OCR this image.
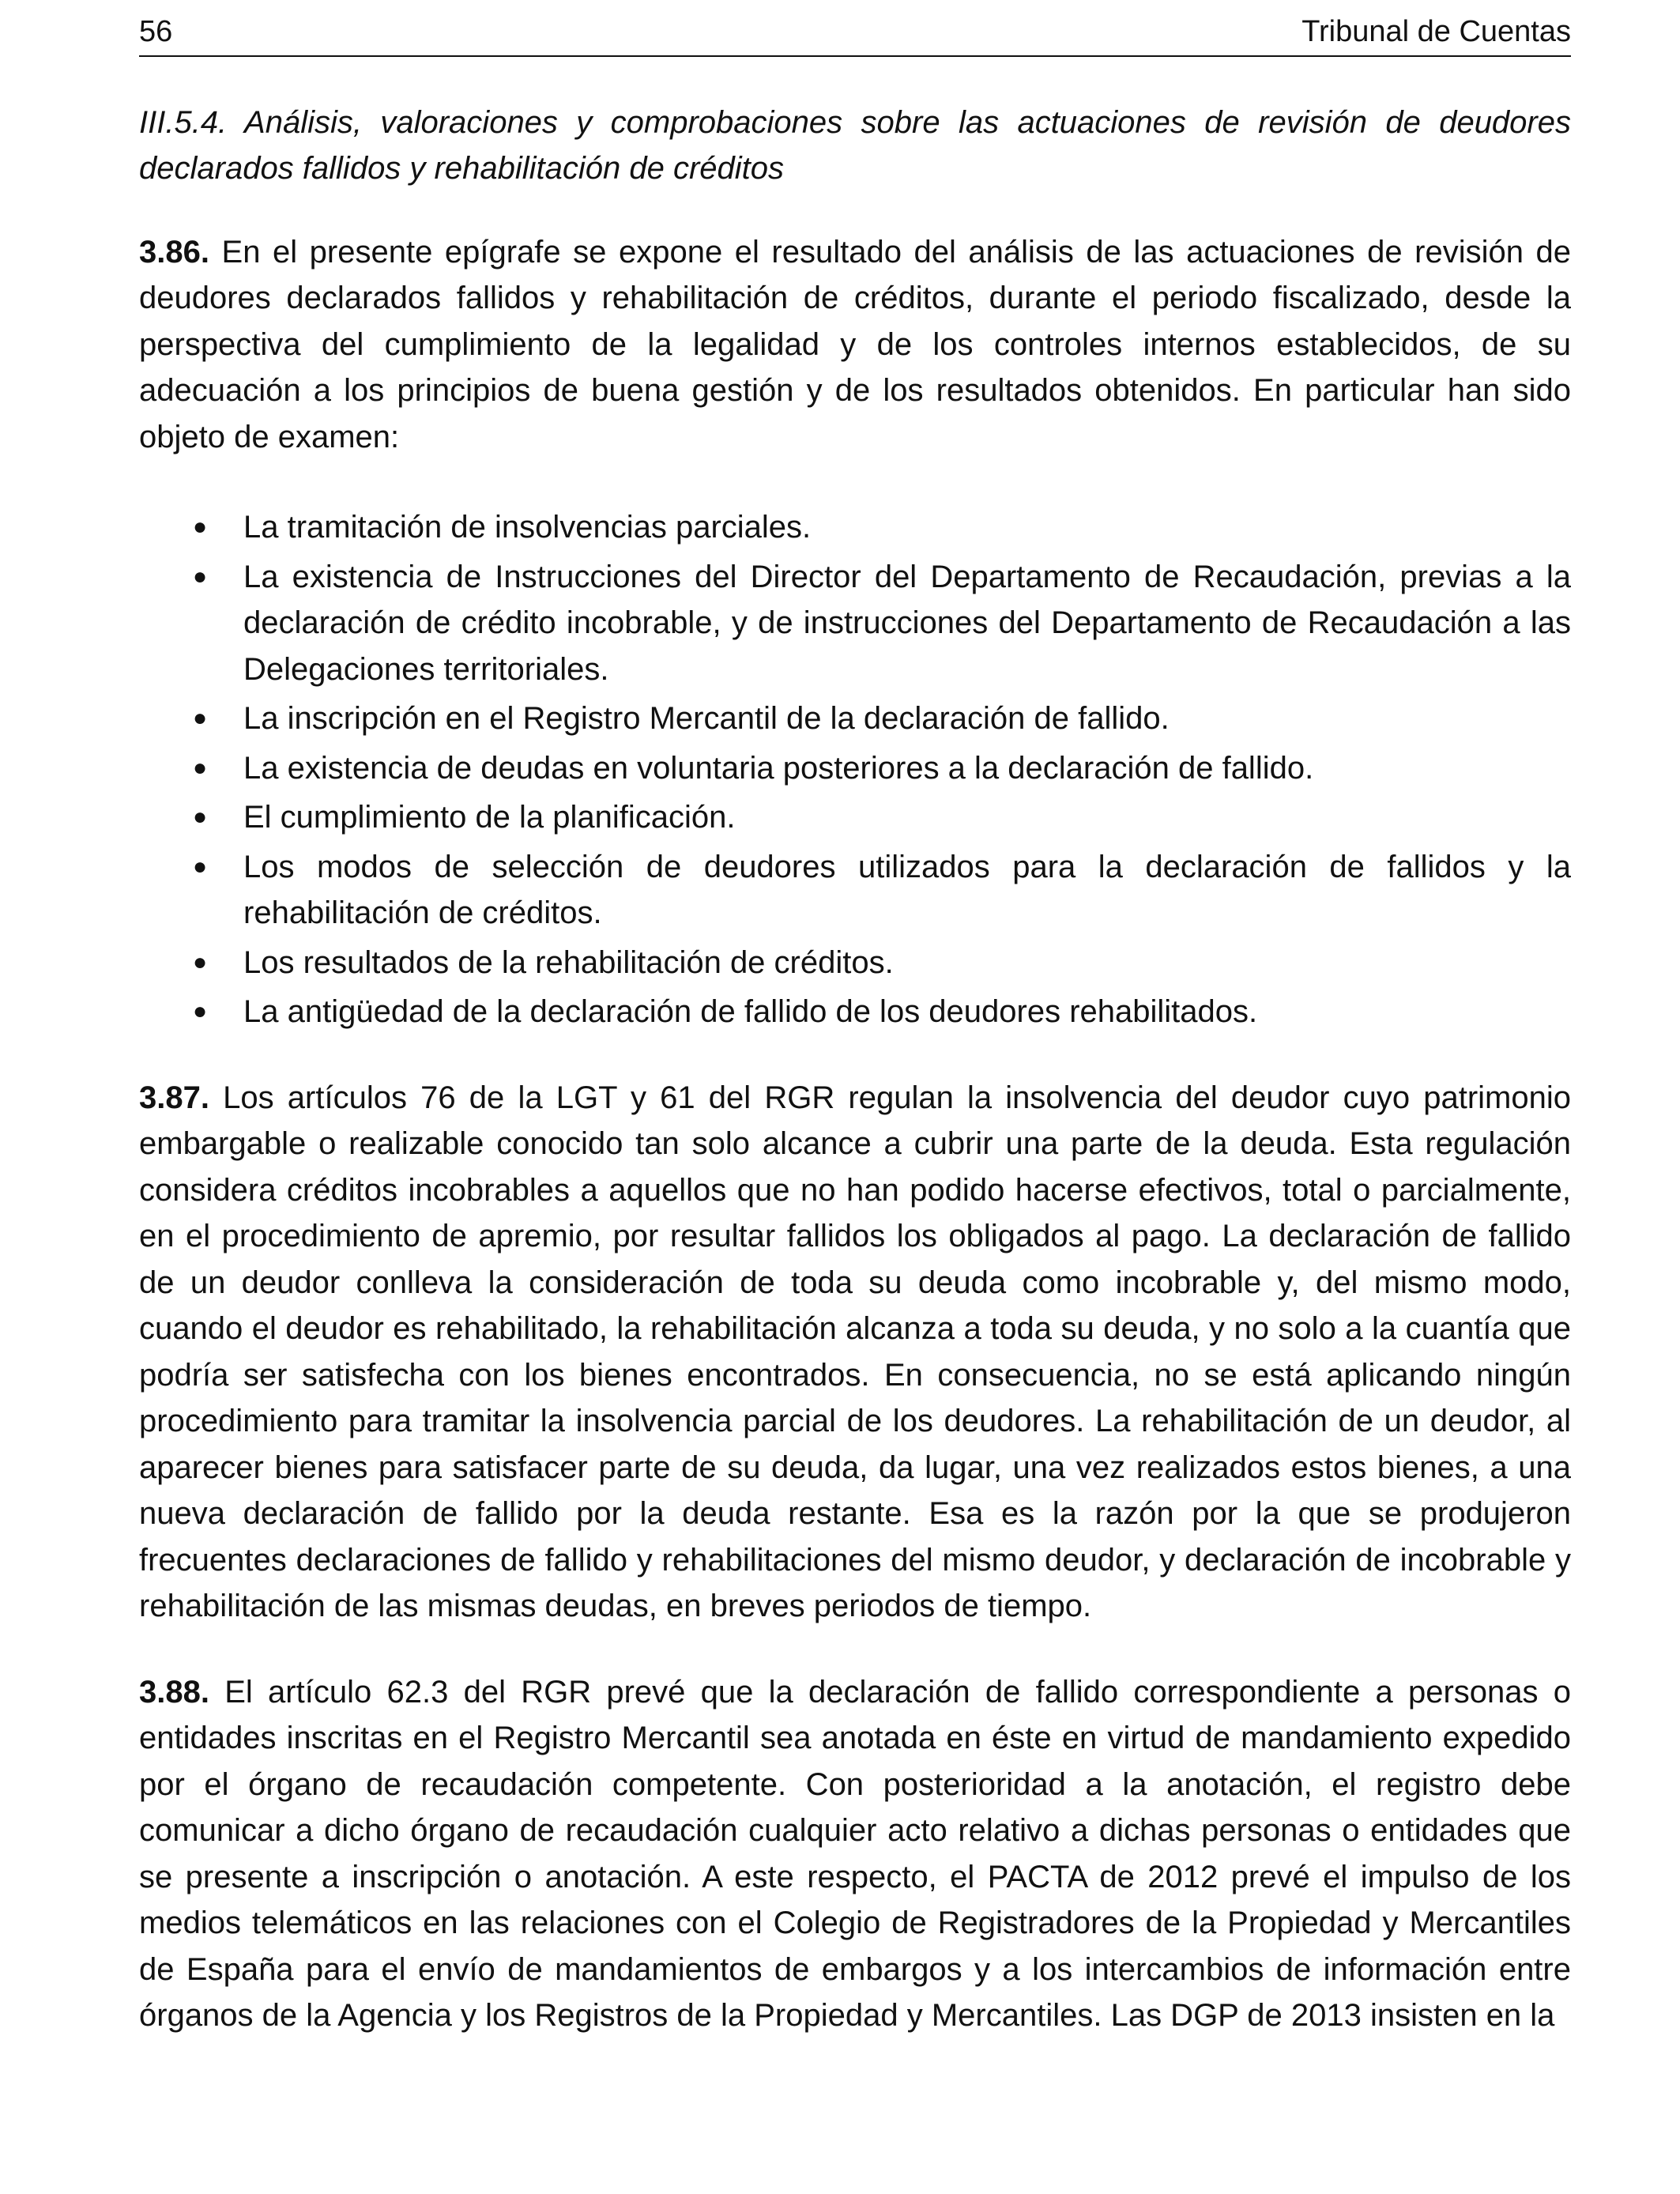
56	Tribunal de Cuentas
III.5.4. Análisis, valoraciones y comprobaciones sobre las actuaciones de revisión de deudores declarados fallidos y rehabilitación de créditos

3.86. En el presente epígrafe se expone el resultado del análisis de las actuaciones de revisión de deudores declarados fallidos y rehabilitación de créditos, durante el periodo fiscalizado, desde la perspectiva del cumplimiento de la legalidad y de los controles internos establecidos, de su adecuación a los principios de buena gestión y de los resultados obtenidos. En particular han sido objeto de examen:

● La tramitación de insolvencias parciales.
● La existencia de Instrucciones del Director del Departamento de Recaudación, previas a la declaración de crédito incobrable, y de instrucciones del Departamento de Recaudación a las Delegaciones territoriales.
● La inscripción en el Registro Mercantil de la declaración de fallido.
● La existencia de deudas en voluntaria posteriores a la declaración de fallido.
● El cumplimiento de la planificación.
● Los modos de selección de deudores utilizados para la declaración de fallidos y la rehabilitación de créditos.
● Los resultados de la rehabilitación de créditos.
● La antigüedad de la declaración de fallido de los deudores rehabilitados.

3.87. Los artículos 76 de la LGT y 61 del RGR regulan la insolvencia del deudor cuyo patrimonio embargable o realizable conocido tan solo alcance a cubrir una parte de la deuda. Esta regulación considera créditos incobrables a aquellos que no han podido hacerse efectivos, total o parcialmente, en el procedimiento de apremio, por resultar fallidos los obligados al pago. La declaración de fallido de un deudor conlleva la consideración de toda su deuda como incobrable y, del mismo modo, cuando el deudor es rehabilitado, la rehabilitación alcanza a toda su deuda, y no solo a la cuantía que podría ser satisfecha con los bienes encontrados. En consecuencia, no se está aplicando ningún procedimiento para tramitar la insolvencia parcial de los deudores. La rehabilitación de un deudor, al aparecer bienes para satisfacer parte de su deuda, da lugar, una vez realizados estos bienes, a una nueva declaración de fallido por la deuda restante. Esa es la razón por la que se produjeron frecuentes declaraciones de fallido y rehabilitaciones del mismo deudor, y declaración de incobrable y rehabilitación de las mismas deudas, en breves periodos de tiempo.

3.88. El artículo 62.3 del RGR prevé que la declaración de fallido correspondiente a personas o entidades inscritas en el Registro Mercantil sea anotada en éste en virtud de mandamiento expedido por el órgano de recaudación competente. Con posterioridad a la anotación, el registro debe comunicar a dicho órgano de recaudación cualquier acto relativo a dichas personas o entidades que se presente a inscripción o anotación. A este respecto, el PACTA de 2012 prevé el impulso de los medios telemáticos en las relaciones con el Colegio de Registradores de la Propiedad y Mercantiles de España para el envío de mandamientos de embargos y a los intercambios de información entre órganos de la Agencia y los Registros de la Propiedad y Mercantiles. Las DGP de 2013 insisten en la
